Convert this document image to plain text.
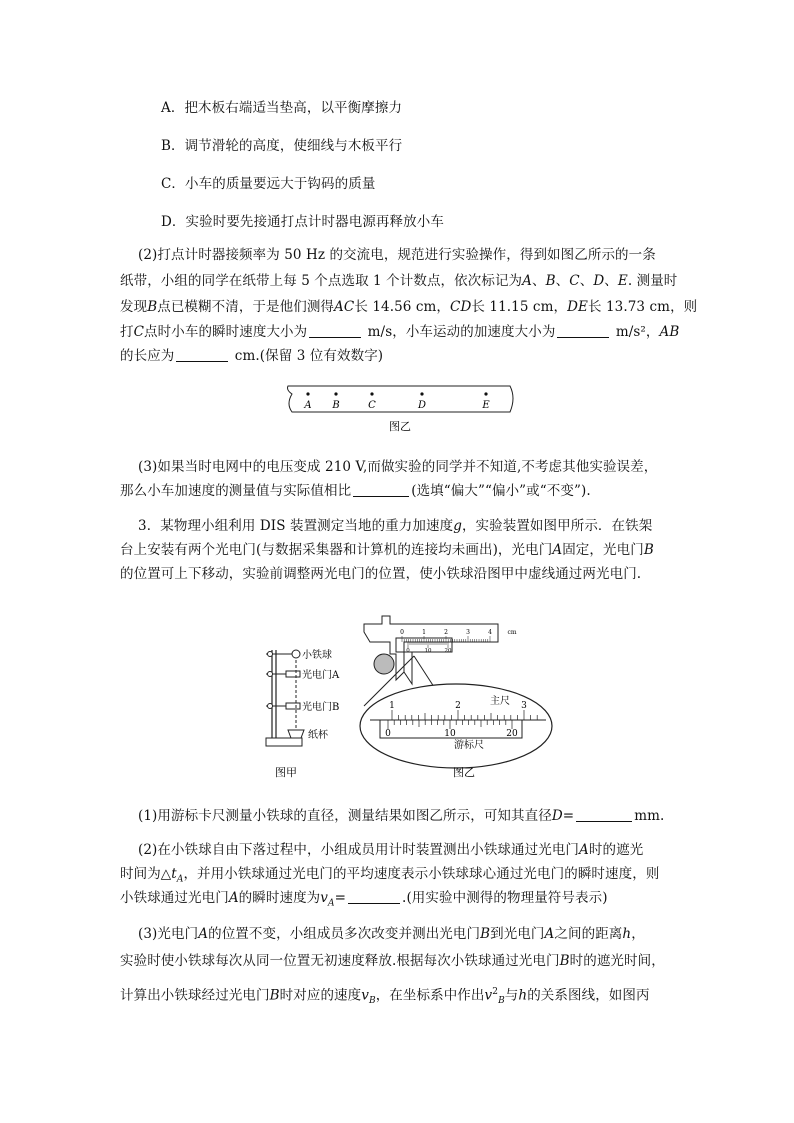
A．把木板右端适当垫高，以平衡摩擦力
B．调节滑轮的高度，使细线与木板平行
C．小车的质量要远大于钩码的质量
D．实验时要先接通打点计时器电源再释放小车
(2)打点计时器接频率为 50 Hz 的交流电，规范进行实验操作，得到如图乙所示的一条
纸带，小组的同学在纸带上每 5 个点选取 1 个计数点，依次标记为A、B、C、D、E. 测量时
发现B点已模糊不清，于是他们测得AC长 14.56 cm，CD长 11.15 cm，DE长 13.73 cm，则
打C点时小车的瞬时速度大小为	m/s，小车运动的加速度大小为	m/s²，AB
的长应为	cm.(保留 3 位有效数字)
A B	C	D	E
图乙
(3)如果当时电网中的电压变成 210 V,而做实验的同学并不知道,不考虑其他实验误差，
那么小车加速度的测量值与实际值相比	(选填“偏大”“偏小”或“不变”).
3．某物理小组利用 DIS 装置测定当地的重力加速度g，实验装置如图甲所示．在铁架
台上安装有两个光电门(与数据采集器和计算机的连接均未画出)，光电门A固定，光电门B
的位置可上下移动，实验前调整两光电门的位置，使小铁球沿图甲中虚线通过两光电门.
小铁球
光电门A
光电门B
纸杯
图甲
0	1	2	3	4	cm
0	10 20
1	2	3
0	10	20
主尺
游标尺
图乙
(1)用游标卡尺测量小铁球的直径，测量结果如图乙所示，可知其直径D=	mm.
(2)在小铁球自由下落过程中，小组成员用计时装置测出小铁球通过光电门A时的遮光
时间为$\triangle t_A$，并用小铁球通过光电门的平均速度表示小铁球球心通过光电门的瞬时速度，则
小铁球通过光电门A的瞬时速度为$v_A=$	.(用实验中测得的物理量符号表示)
(3)光电门A的位置不变，小组成员多次改变并测出光电门B到光电门A之间的距离h，
实验时使小铁球每次从同一位置无初速度释放.根据每次小铁球通过光电门B时的遮光时间，
计算出小铁球经过光电门B时对应的速度$v_B$，在坐标系中作出$v^2_B$与h的关系图线，如图丙
